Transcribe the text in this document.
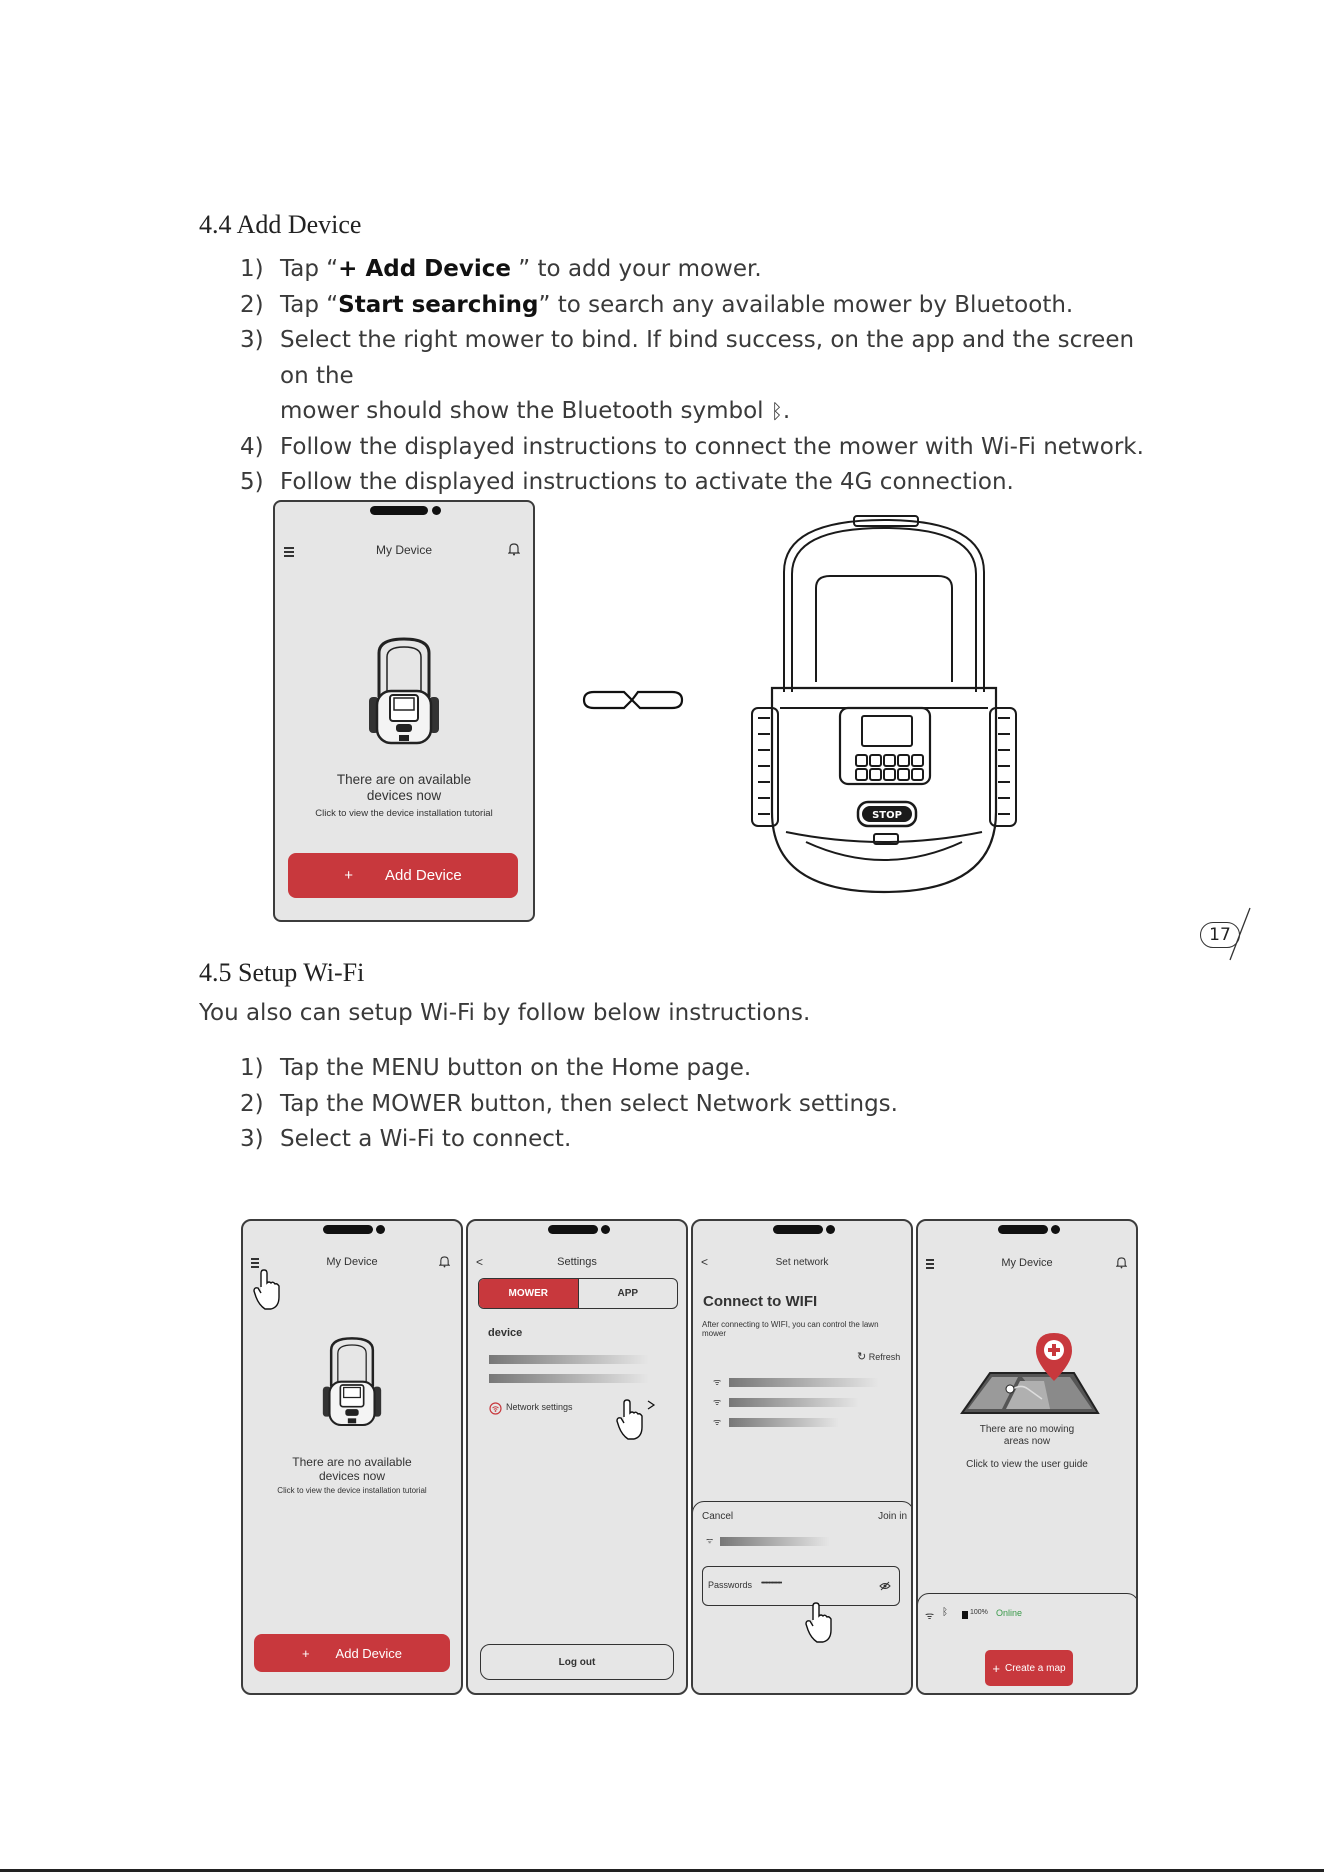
4.4 Add Device
1) Tap “+ Add Device ” to add your mower.
2) Tap “Start searching” to search any available mower by Bluetooth.
3) Select the right mower to bind. If bind success, on the app and the screen on the
mower should show the Bluetooth symbol ᛒ.
4) Follow the displayed instructions to connect the mower with Wi-Fi network.
5) Follow the displayed instructions to activate the 4G connection.
My Device
There are on available
devices now
Click to view the device installation tutorial
+ Add Device
STOP
17
4.5 Setup Wi-Fi
You also can setup Wi-Fi by follow below instructions.
1) Tap the MENU button on the Home page.
2) Tap the MOWER button, then select Network settings.
3) Select a Wi-Fi to connect.
My Device
There are no available
devices now
Click to view the device installation tutorial
+ Add Device
<	Settings
MOWER	APP
device
Network settings
Log out
<	Set network
Connect to WIFI
After connecting to WIFI, you can control the lawn mower
↻ Refresh
ᯤ
ᯤ
ᯤ
Cancel	Join in
ᯤ
Passwords ••••••••••••••
My Device
There are no mowing
areas now
Click to view the user guide
ᯤ ᛒ	100% Online
+ Create a map
